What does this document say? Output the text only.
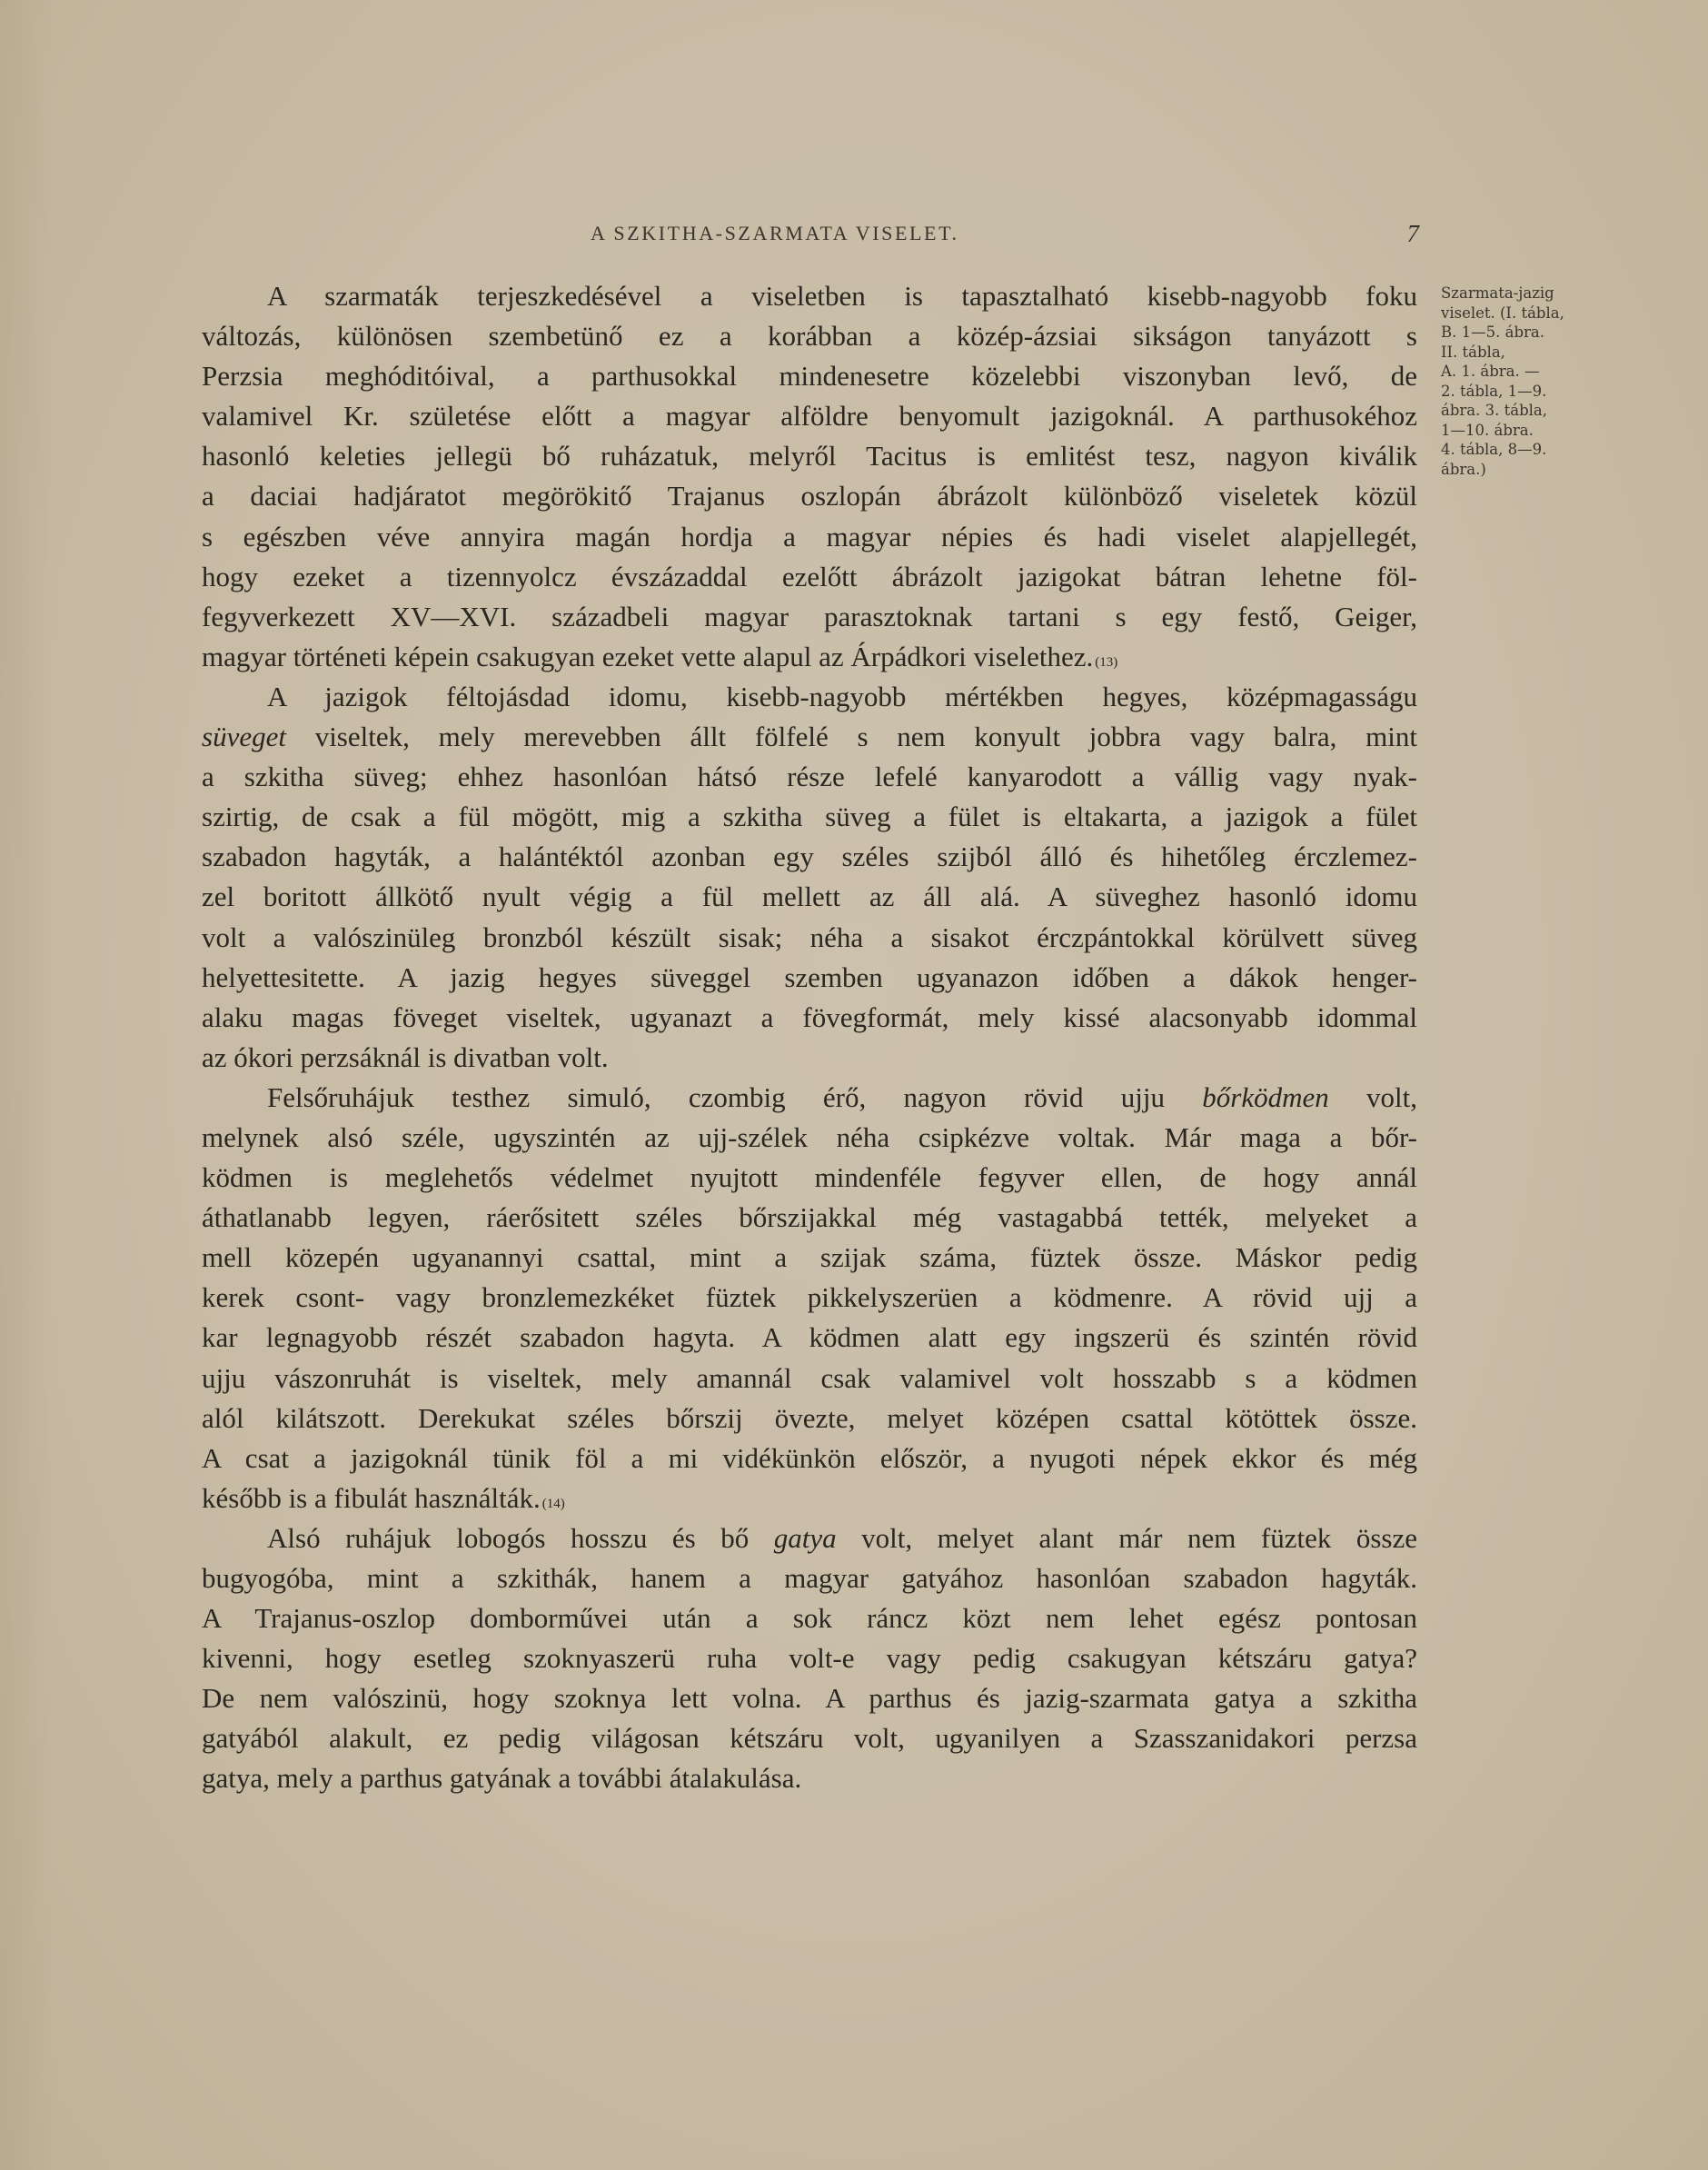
A SZKITHA-SZARMATA VISELET.	7
Szarmata-jazig
viselet. (I. tábla,
B. 1—5. ábra.
II. tábla,
A. 1. ábra. —
2. tábla, 1—9.
ábra. 3. tábla,
1—10. ábra.
4. tábla, 8—9.
ábra.)
A szarmaták terjeszkedésével a viseletben is tapasztalható kisebb-nagyobb foku
változás, különösen szembetünő ez a korábban a közép-ázsiai sikságon tanyázott s
Perzsia meghóditóival, a parthusokkal mindenesetre közelebbi viszonyban levő, de
valamivel Kr. születése előtt a magyar alföldre benyomult jazigoknál. A parthusokéhoz
hasonló keleties jellegü bő ruházatuk, melyről Tacitus is emlitést tesz, nagyon kiválik
a daciai hadjáratot megörökitő Trajanus oszlopán ábrázolt különböző viseletek közül
s egészben véve annyira magán hordja a magyar népies és hadi viselet alapjellegét,
hogy ezeket a tizennyolcz évszázaddal ezelőtt ábrázolt jazigokat bátran lehetne föl-
fegyverkezett XV—XVI. századbeli magyar parasztoknak tartani s egy festő, Geiger,
magyar történeti képein csakugyan ezeket vette alapul az Árpádkori viselethez. (13)
A jazigok féltojásdad idomu, kisebb-nagyobb mértékben hegyes, középmagasságu
süveget viseltek, mely merevebben állt fölfelé s nem konyult jobbra vagy balra, mint
a szkitha süveg; ehhez hasonlóan hátsó része lefelé kanyarodott a vállig vagy nyak-
szirtig, de csak a fül mögött, mig a szkitha süveg a fület is eltakarta, a jazigok a fület
szabadon hagyták, a halántéktól azonban egy széles szijból álló és hihetőleg érczlemez-
zel boritott állkötő nyult végig a fül mellett az áll alá. A süveghez hasonló idomu
volt a valószinüleg bronzból készült sisak; néha a sisakot érczpántokkal körülvett süveg
helyettesitette. A jazig hegyes süveggel szemben ugyanazon időben a dákok henger-
alaku magas föveget viseltek, ugyanazt a fövegformát, mely kissé alacsonyabb idommal
az ókori perzsáknál is divatban volt.
Felsőruhájuk testhez simuló, czombig érő, nagyon rövid ujju bőrködmen volt,
melynek alsó széle, ugyszintén az ujj-szélek néha csipkézve voltak. Már maga a bőr-
ködmen is meglehetős védelmet nyujtott mindenféle fegyver ellen, de hogy annál
áthatlanabb legyen, ráerősitett széles bőrszijakkal még vastagabbá tették, melyeket a
mell közepén ugyanannyi csattal, mint a szijak száma, füztek össze. Máskor pedig
kerek csont- vagy bronzlemezkéket füztek pikkelyszerüen a ködmenre. A rövid ujj a
kar legnagyobb részét szabadon hagyta. A ködmen alatt egy ingszerü és szintén rövid
ujju vászonruhát is viseltek, mely amannál csak valamivel volt hosszabb s a ködmen
alól kilátszott. Derekukat széles bőrszij övezte, melyet középen csattal kötöttek össze.
A csat a jazigoknál tünik föl a mi vidékünkön először, a nyugoti népek ekkor és még
később is a fibulát használták. (14)
Alsó ruhájuk lobogós hosszu és bő gatya volt, melyet alant már nem füztek össze
bugyogóba, mint a szkithák, hanem a magyar gatyához hasonlóan szabadon hagyták.
A Trajanus-oszlop domborművei után a sok ráncz közt nem lehet egész pontosan
kivenni, hogy esetleg szoknyaszerü ruha volt-e vagy pedig csakugyan kétszáru gatya?
De nem valószinü, hogy szoknya lett volna. A parthus és jazig-szarmata gatya a szkitha
gatyából alakult, ez pedig világosan kétszáru volt, ugyanilyen a Szasszanidakori perzsa
gatya, mely a parthus gatyának a további átalakulása.
